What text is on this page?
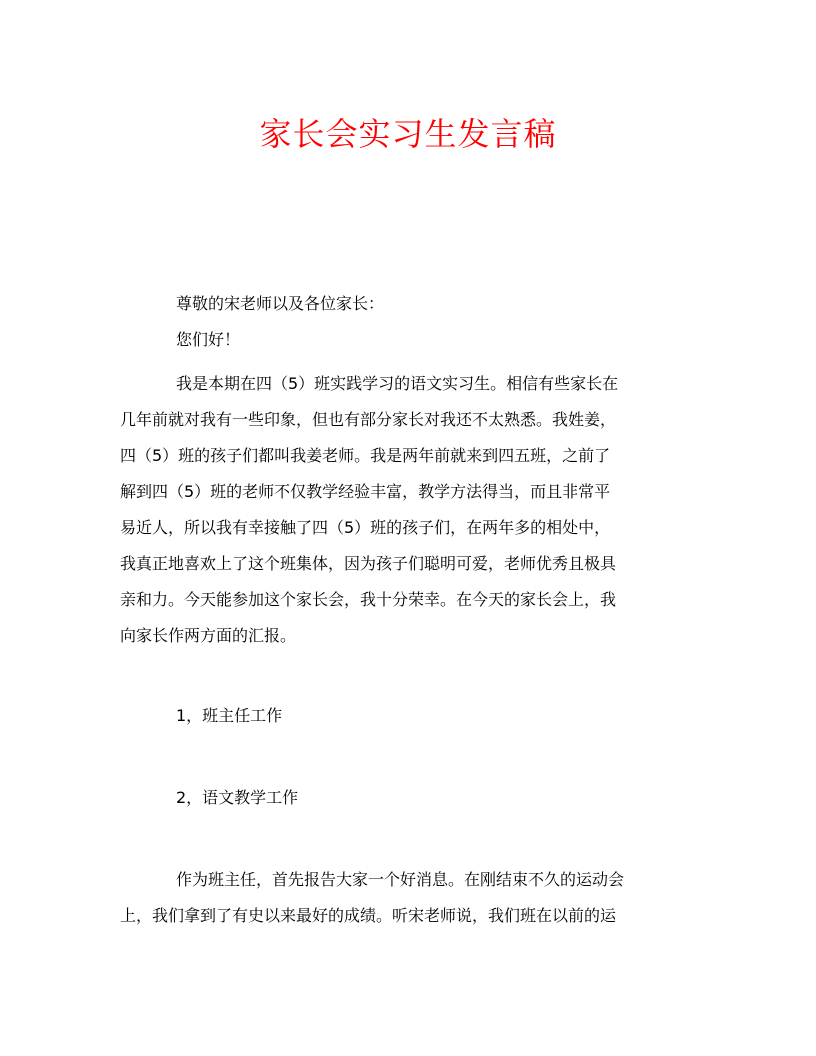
家长会实习生发言稿
尊敬的宋老师以及各位家长：
您们好！
我是本期在四（5）班实践学习的语文实习生。相信有些家长在
几年前就对我有一些印象，但也有部分家长对我还不太熟悉。我姓姜，
四（5）班的孩子们都叫我姜老师。我是两年前就来到四五班，之前了
解到四（5）班的老师不仅教学经验丰富，教学方法得当，而且非常平
易近人，所以我有幸接触了四（5）班的孩子们，在两年多的相处中，
我真正地喜欢上了这个班集体，因为孩子们聪明可爱，老师优秀且极具
亲和力。今天能参加这个家长会，我十分荣幸。在今天的家长会上，我
向家长作两方面的汇报。
1，班主任工作
2，语文教学工作
作为班主任，首先报告大家一个好消息。在刚结束不久的运动会
上，我们拿到了有史以来最好的成绩。听宋老师说，我们班在以前的运
